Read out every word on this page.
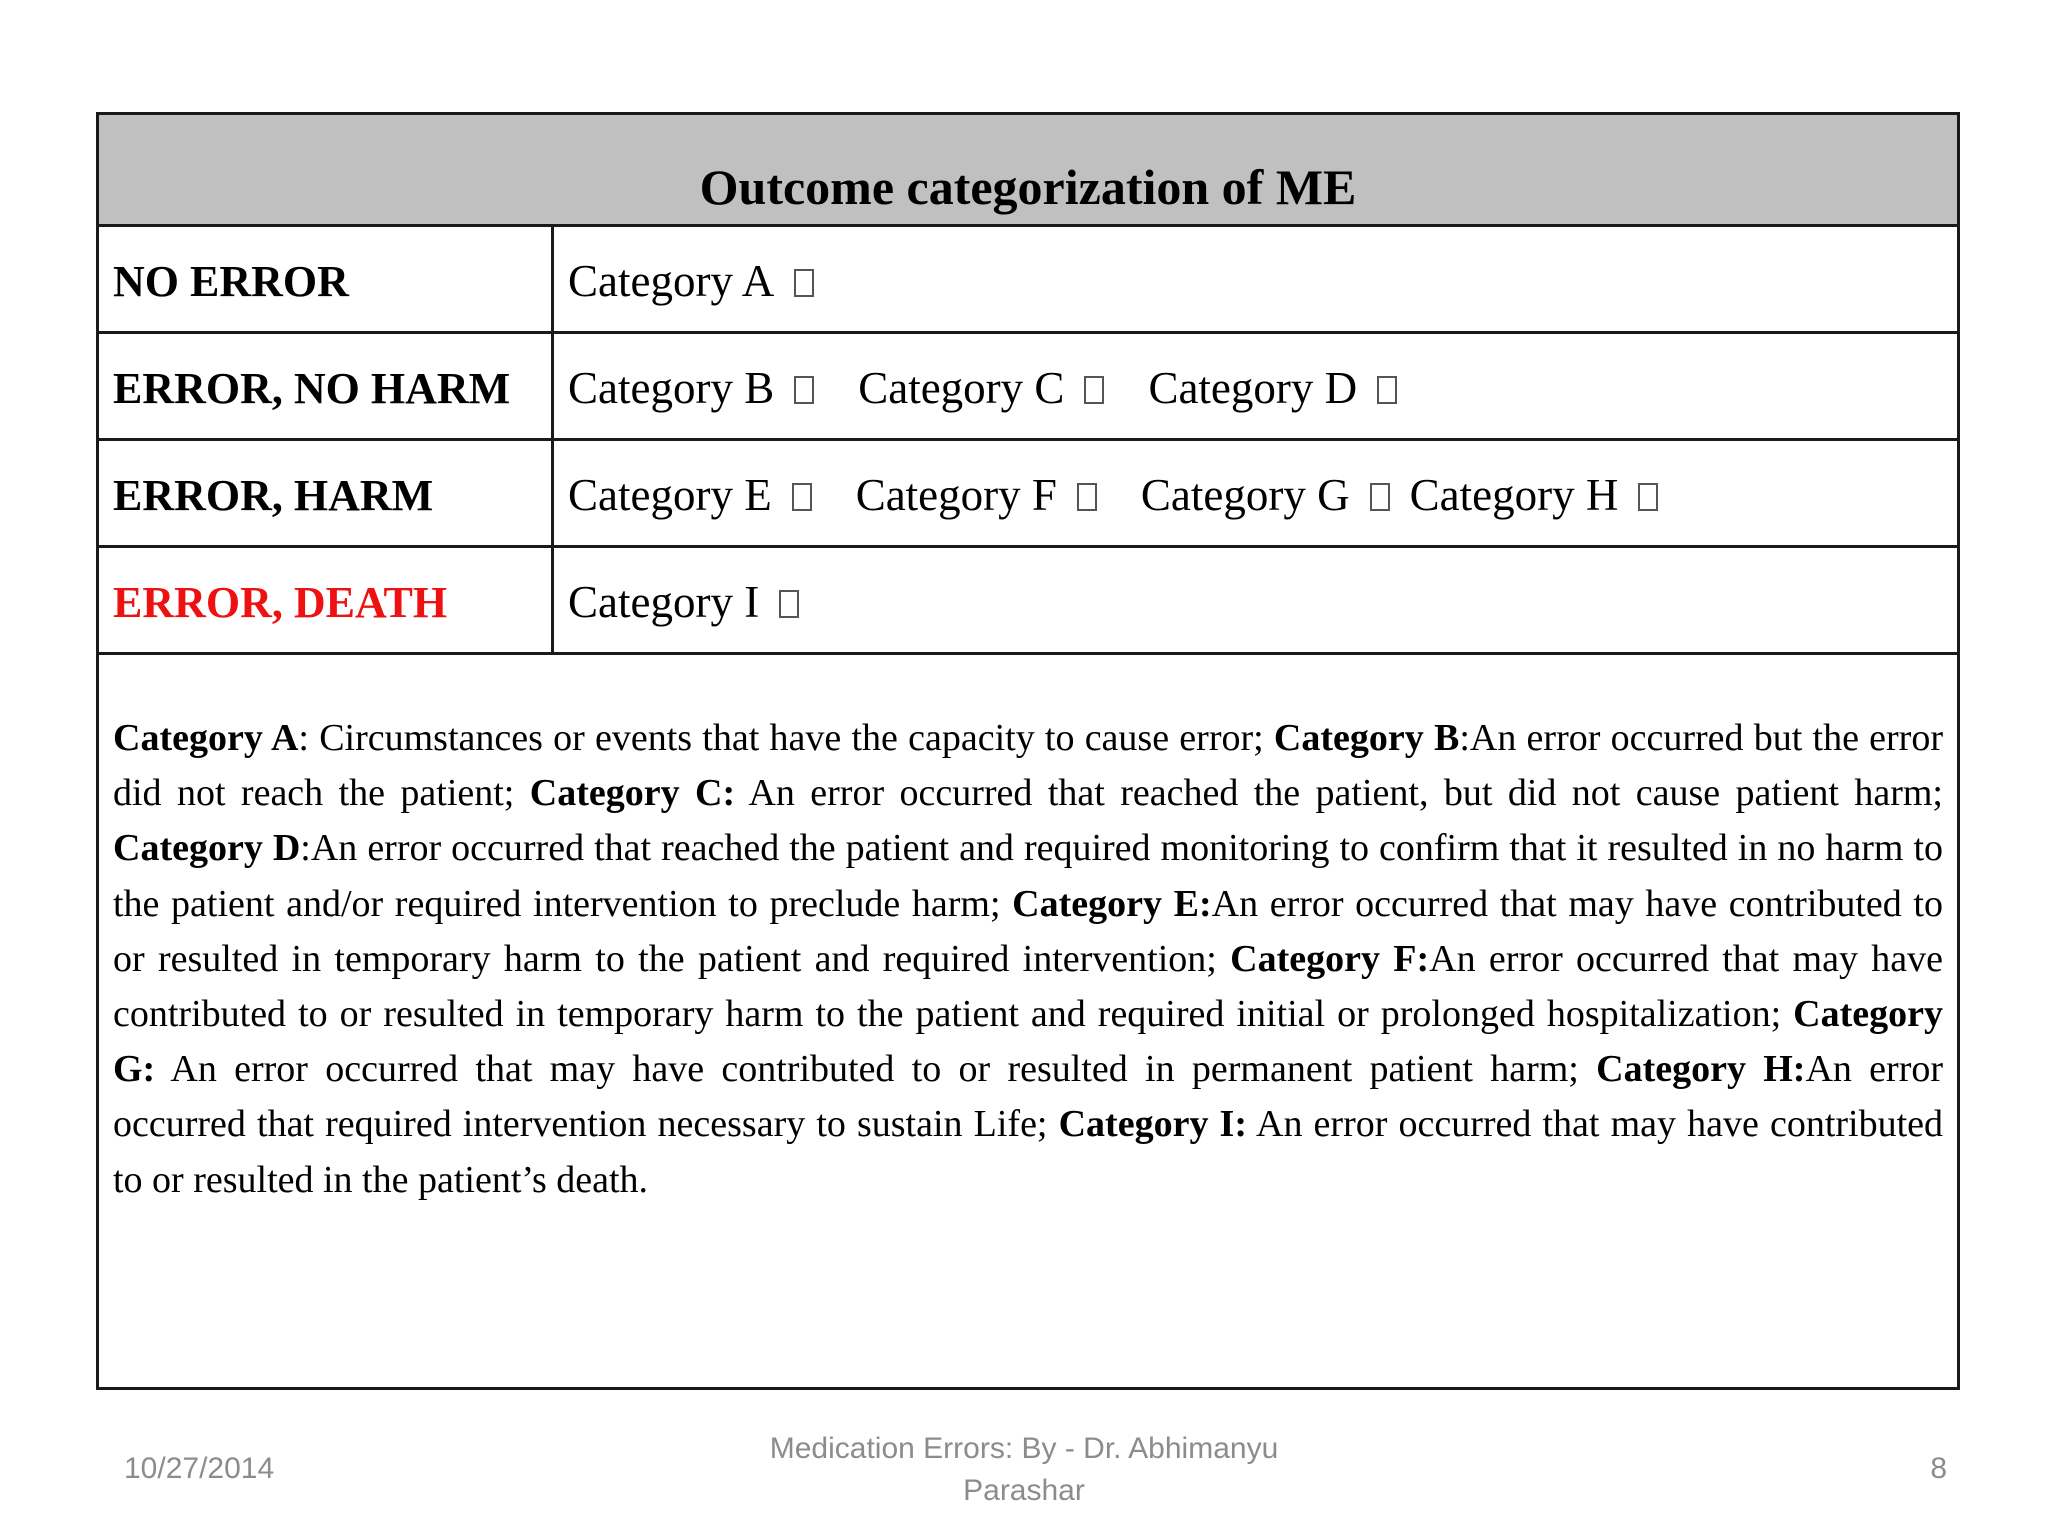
Outcome categorization of ME
NO ERROR	Category A
ERROR, NO HARM	Category B Category C Category D
ERROR, HARM	Category E Category F Category G Category H
ERROR, DEATH	Category I
Category A: Circumstances or events that have the capacity to cause error; Category B:An error occurred but the error did not reach the patient; Category C: An error occurred that reached the patient, but did not cause patient harm; Category D:An error occurred that reached the patient and required monitoring to confirm that it resulted in no harm to the patient and/or required intervention to preclude harm; Category E:An error occurred that may have contributed to or resulted in temporary harm to the patient and required intervention; Category F:An error occurred that may have contributed to or resulted in temporary harm to the patient and required initial or prolonged hospitalization; Category G: An error occurred that may have contributed to or resulted in permanent patient harm; Category H:An error occurred that required intervention necessary to sustain Life; Category I: An error occurred that may have contributed to or resulted in the patient’s death.
10/27/2014
Medication Errors: By - Dr. Abhimanyu
Parashar
8
